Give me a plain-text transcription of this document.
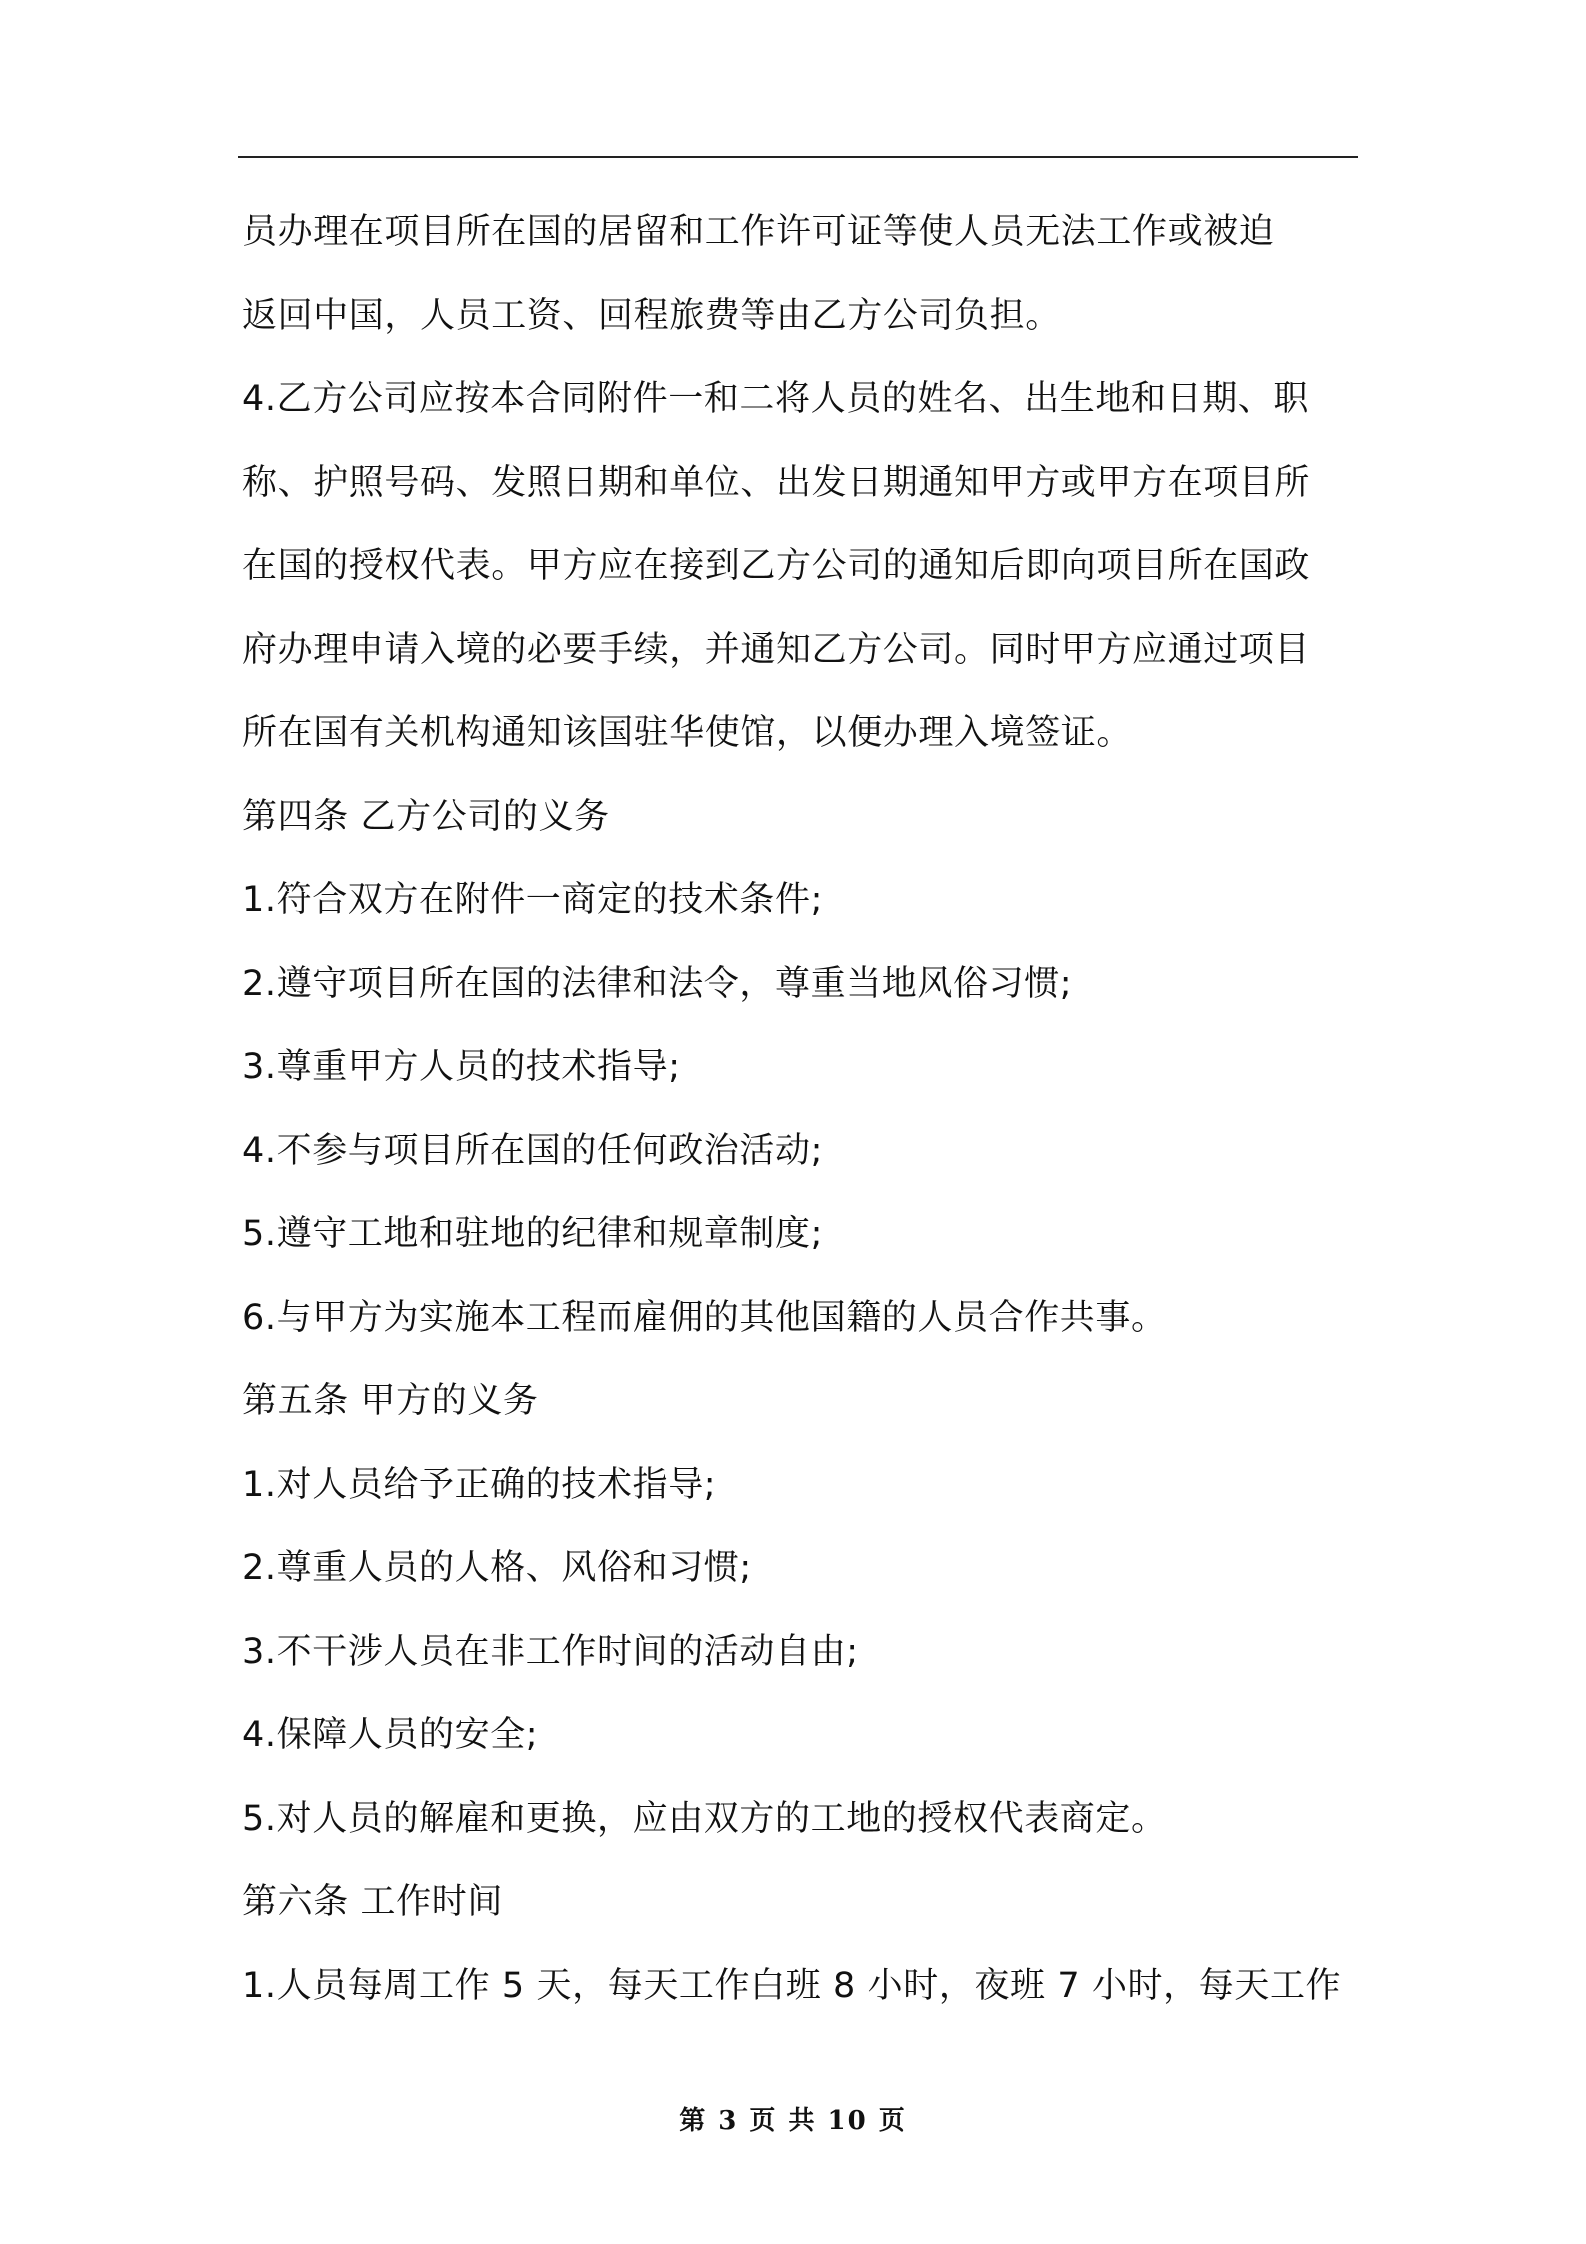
员办理在项目所在国的居留和工作许可证等使人员无法工作或被迫
返回中国，人员工资、回程旅费等由乙方公司负担。
4.乙方公司应按本合同附件一和二将人员的姓名、出生地和日期、职
称、护照号码、发照日期和单位、出发日期通知甲方或甲方在项目所
在国的授权代表。甲方应在接到乙方公司的通知后即向项目所在国政
府办理申请入境的必要手续，并通知乙方公司。同时甲方应通过项目
所在国有关机构通知该国驻华使馆，以便办理入境签证。
第四条 乙方公司的义务
1.符合双方在附件一商定的技术条件;
2.遵守项目所在国的法律和法令，尊重当地风俗习惯;
3.尊重甲方人员的技术指导;
4.不参与项目所在国的任何政治活动;
5.遵守工地和驻地的纪律和规章制度;
6.与甲方为实施本工程而雇佣的其他国籍的人员合作共事。
第五条 甲方的义务
1.对人员给予正确的技术指导;
2.尊重人员的人格、风俗和习惯;
3.不干涉人员在非工作时间的活动自由;
4.保障人员的安全;
5.对人员的解雇和更换，应由双方的工地的授权代表商定。
第六条 工作时间
1.人员每周工作 5 天，每天工作白班 8 小时，夜班 7 小时，每天工作
第 3 页 共 10 页
